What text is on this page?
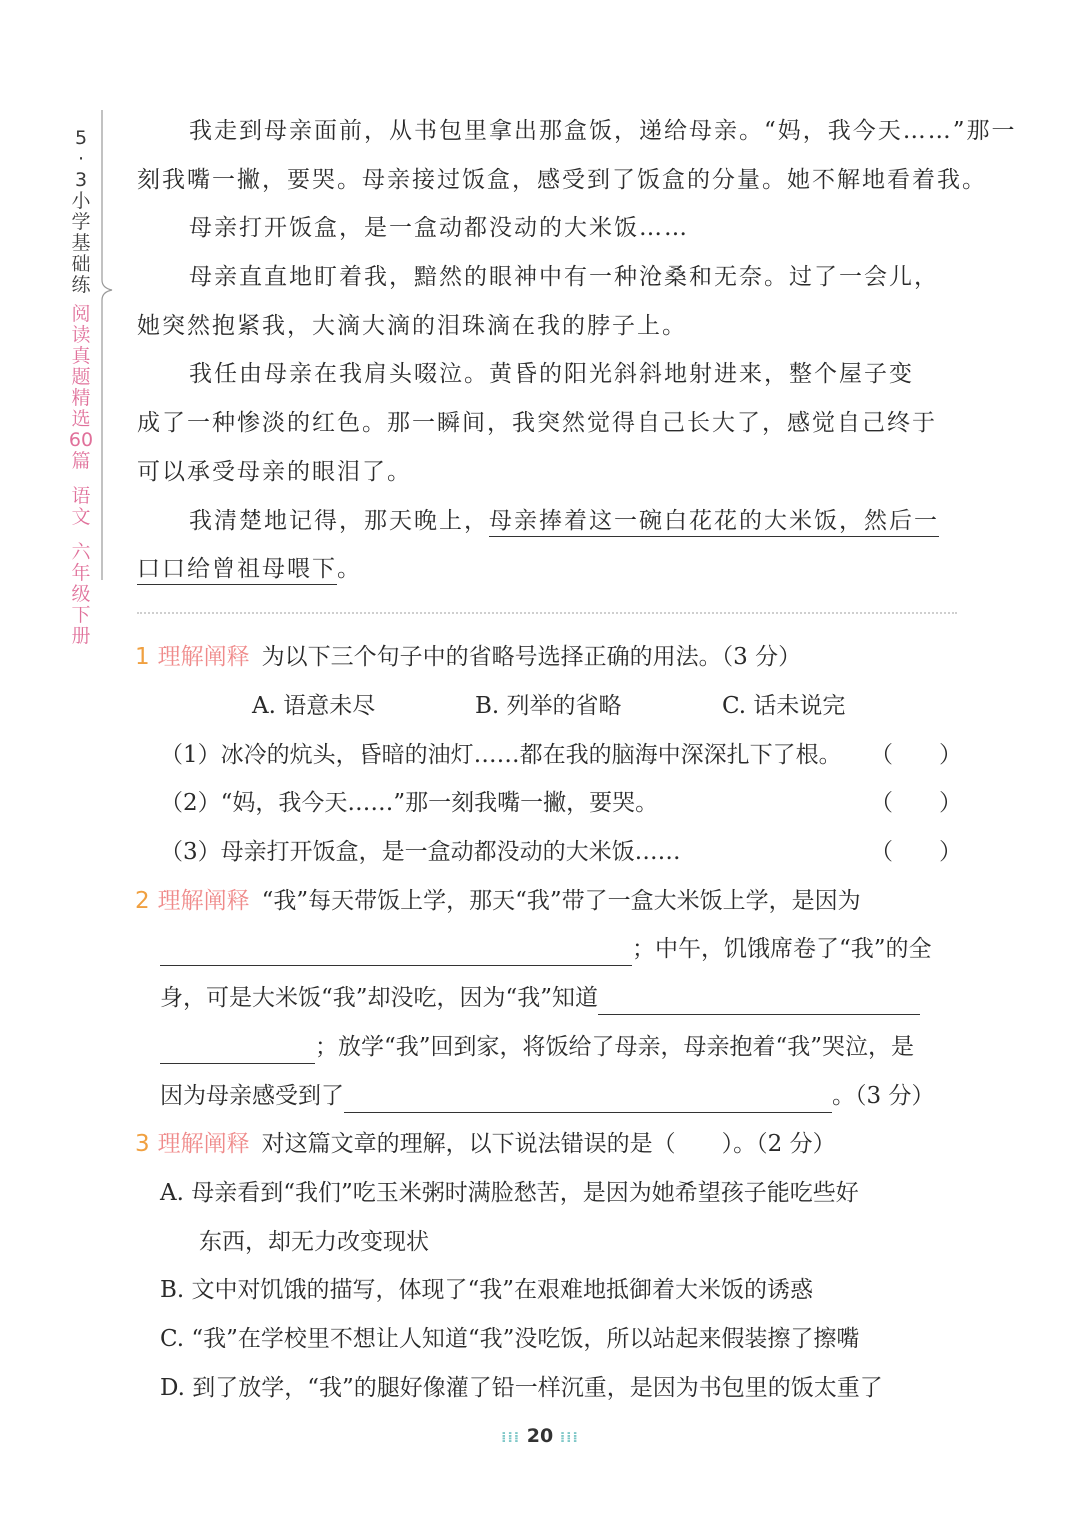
5
·
3
小
学
基
础
练
阅
读
真
题
精
选
60
篇
语
文
六
年
级
下
册
我走到母亲面前，从书包里拿出那盒饭，递给母亲。“妈，我今天……”那一
刻我嘴一撇，要哭。母亲接过饭盒，感受到了饭盒的分量。她不解地看着我。
母亲打开饭盒，是一盒动都没动的大米饭……
母亲直直地盯着我，黯然的眼神中有一种沧桑和无奈。过了一会儿，
她突然抱紧我，大滴大滴的泪珠滴在我的脖子上。
我任由母亲在我肩头啜泣。黄昏的阳光斜斜地射进来，整个屋子变
成了一种惨淡的红色。那一瞬间，我突然觉得自己长大了，感觉自己终于
可以承受母亲的眼泪了。
我清楚地记得，那天晚上，母亲捧着这一碗白花花的大米饭，然后一
口口给曾祖母喂下。
1 理解阐释 为以下三个句子中的省略号选择正确的用法。（3 分）
A. 语意未尽	B. 列举的省略	C. 话未说完
（1）冰冷的炕头，昏暗的油灯……都在我的脑海中深深扎下了根。 （　　）
（2）“妈，我今天……”那一刻我嘴一撇，要哭。	（　　）
（3）母亲打开饭盒，是一盒动都没动的大米饭……	（　　）
2 理解阐释 “我”每天带饭上学，那天“我”带了一盒大米饭上学，是因为
；中午，饥饿席卷了“我”的全
身，可是大米饭“我”却没吃，因为“我”知道
；放学“我”回到家，将饭给了母亲，母亲抱着“我”哭泣，是
因为母亲感受到了	。（3 分）
3 理解阐释 对这篇文章的理解，以下说法错误的是（　　）。（2 分）
A. 母亲看到“我们”吃玉米粥时满脸愁苦，是因为她希望孩子能吃些好
东西，却无力改变现状
B. 文中对饥饿的描写，体现了“我”在艰难地抵御着大米饭的诱惑
C. “我”在学校里不想让人知道“我”没吃饭，所以站起来假装擦了擦嘴
D. 到了放学，“我”的腿好像灌了铅一样沉重，是因为书包里的饭太重了
⁞⁞⁞ 20 ⁞⁞⁞
